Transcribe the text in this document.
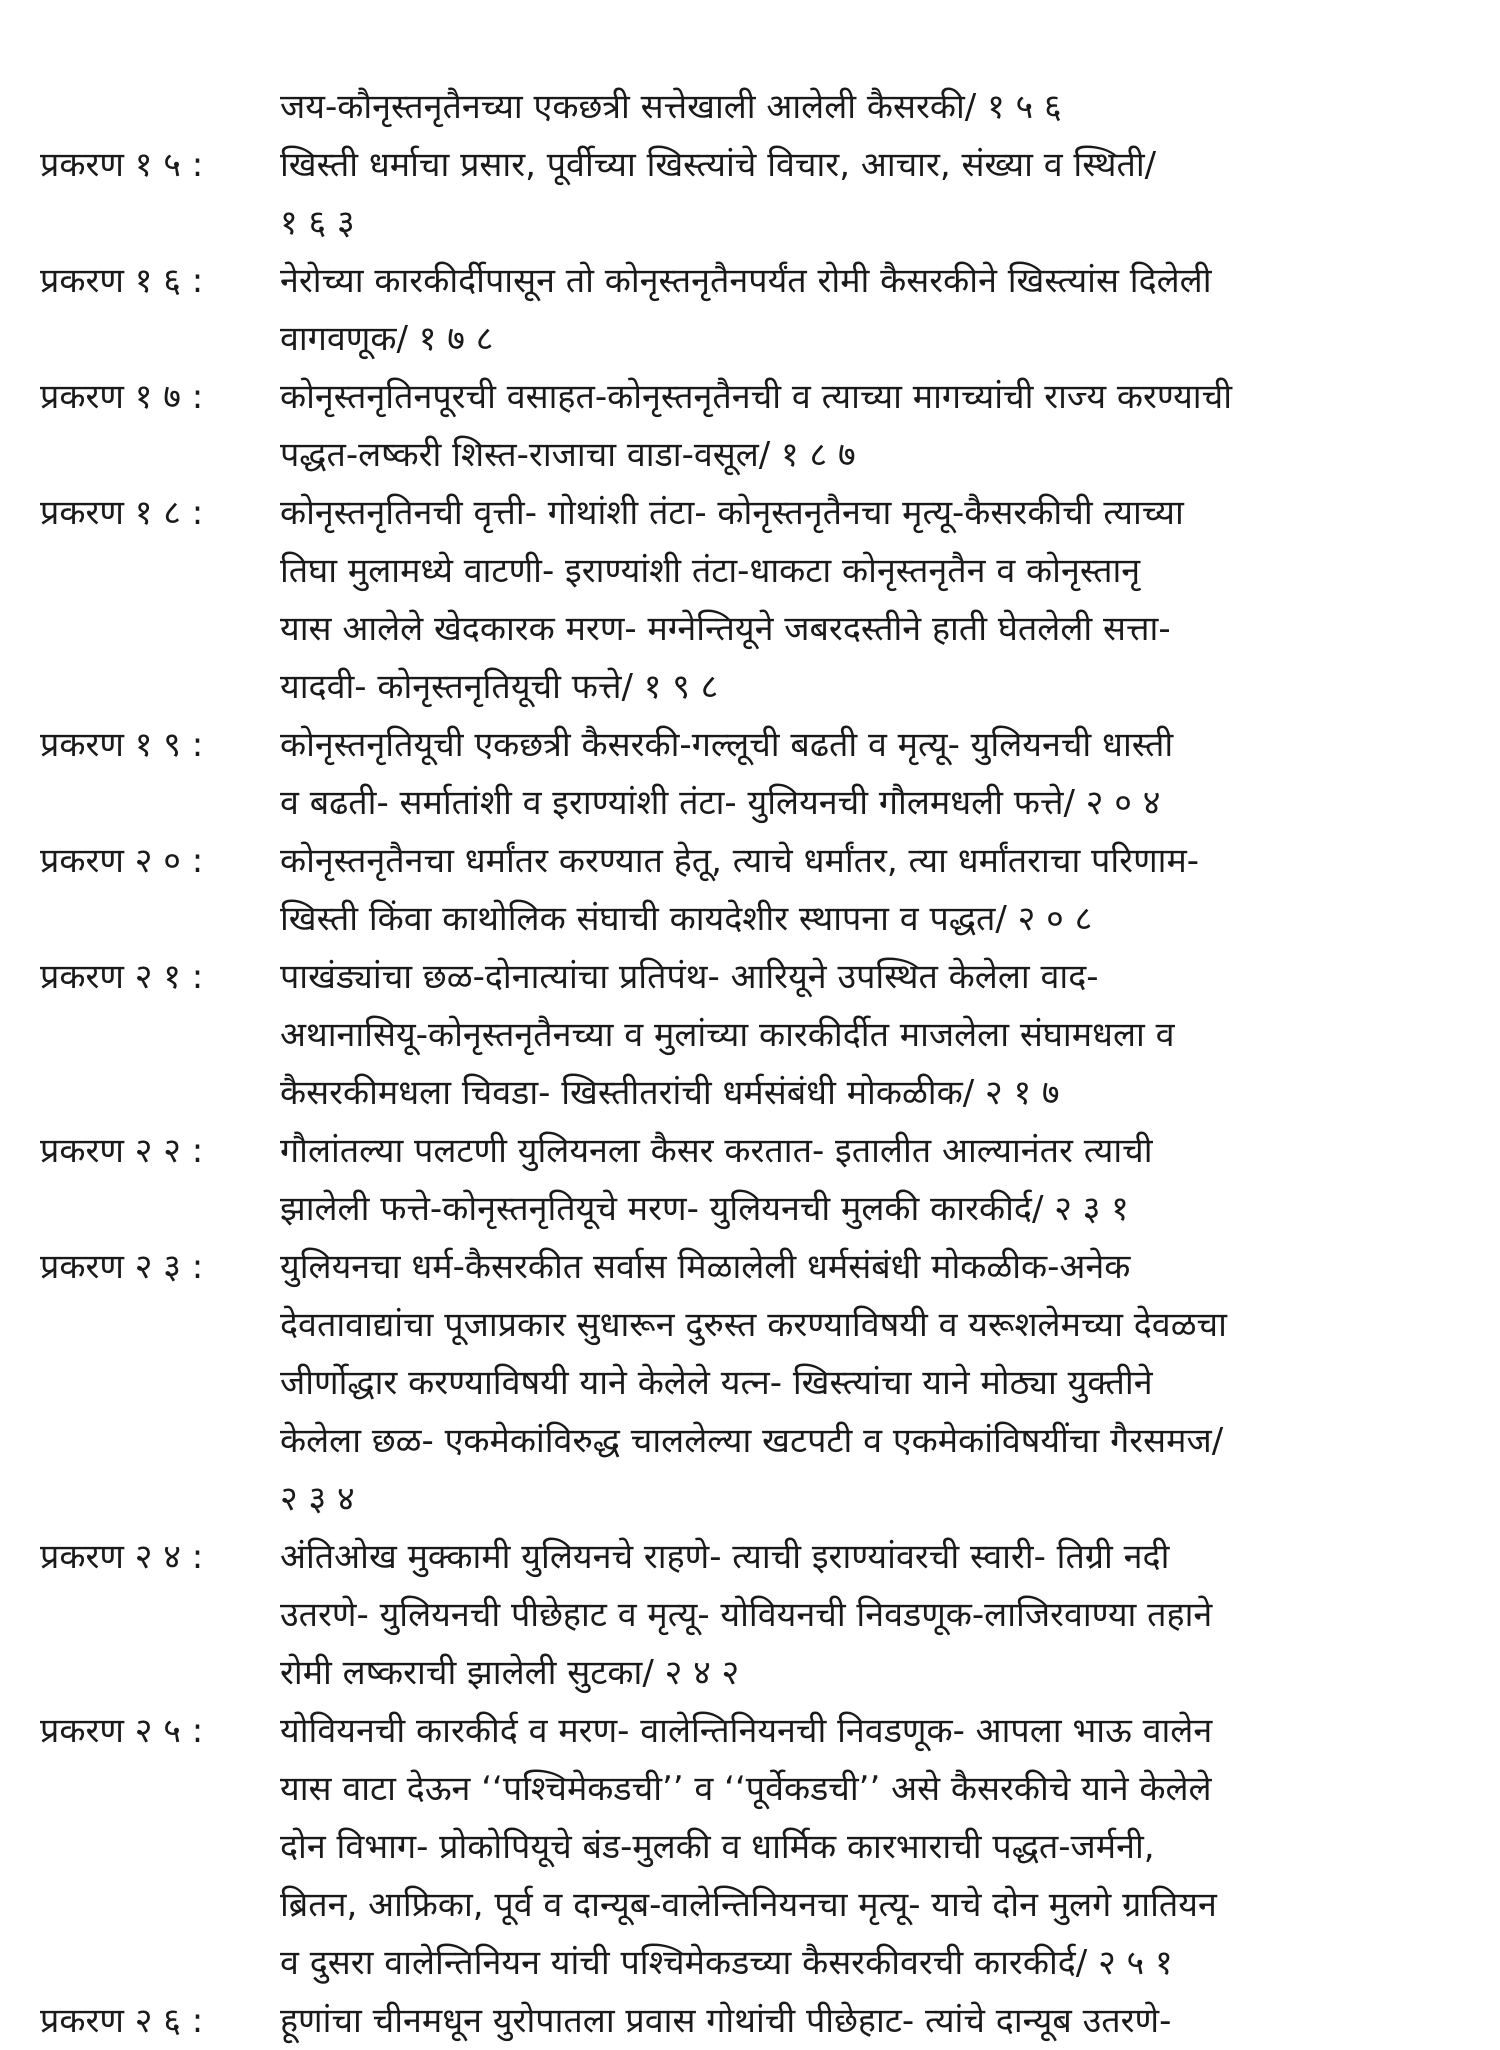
जय-कौनृस्तनृतैनच्या एकछत्री सत्तेखाली आलेली कैसरकी/ १ ५ ६
प्रकरण १ ५ :	खिस्ती धर्माचा प्रसार, पूर्वीच्या खिस्त्यांचे विचार, आचार, संख्या व स्थिती/
१ ६ ३
प्रकरण १ ६ :	नेरोच्या कारकीर्दीपासून तो कोनृस्तनृतैनपर्यंत रोमी कैसरकीने खिस्त्यांस दिलेली
वागवणूक/ १ ७ ८
प्रकरण १ ७ :	कोनृस्तनृतिनपूरची वसाहत-कोनृस्तनृतैनची व त्याच्या मागच्यांची राज्य करण्याची
पद्धत-लष्करी शिस्त-राजाचा वाडा-वसूल/ १ ८ ७
प्रकरण १ ८ :	कोनृस्तनृतिनची वृत्ती- गोथांशी तंटा- कोनृस्तनृतैनचा मृत्यू-कैसरकीची त्याच्या
तिघा मुलामध्ये वाटणी- इराण्यांशी तंटा-धाकटा कोनृस्तनृतैन व कोनृस्तानृ
यास आलेले खेदकारक मरण- मग्नेन्तियूने जबरदस्तीने हाती घेतलेली सत्ता-
यादवी- कोनृस्तनृतियूची फत्ते/ १ ९ ८
प्रकरण १ ९ :	कोनृस्तनृतियूची एकछत्री कैसरकी-गल्लूची बढती व मृत्यू- युलियनची धास्ती
व बढती- सर्मातांशी व इराण्यांशी तंटा- युलियनची गौलमधली फत्ते/ २ ० ४
प्रकरण २ ० :	कोनृस्तनृतैनचा धर्मांतर करण्यात हेतू, त्याचे धर्मांतर, त्या धर्मांतराचा परिणाम-
खिस्ती किंवा काथोलिक संघाची कायदेशीर स्थापना व पद्धत/ २ ० ८
प्रकरण २ १ :	पाखंड्यांचा छळ-दोनात्यांचा प्रतिपंथ- आरियूने उपस्थित केलेला वाद-
अथानासियू-कोनृस्तनृतैनच्या व मुलांच्या कारकीर्दीत माजलेला संघामधला व
कैसरकीमधला चिवडा- खिस्तीतरांची धर्मसंबंधी मोकळीक/ २ १ ७
प्रकरण २ २ :	गौलांतल्या पलटणी युलियनला कैसर करतात- इतालीत आल्यानंतर त्याची
झालेली फत्ते-कोनृस्तनृतियूचे मरण- युलियनची मुलकी कारकीर्द/ २ ३ १
प्रकरण २ ३ :	युलियनचा धर्म-कैसरकीत सर्वास मिळालेली धर्मसंबंधी मोकळीक-अनेक
देवतावाद्यांचा पूजाप्रकार सुधारून दुरुस्त करण्याविषयी व यरूशलेमच्या देवळचा
जीर्णोद्धार करण्याविषयी याने केलेले यत्न- खिस्त्यांचा याने मोठ्या युक्तीने
केलेला छळ- एकमेकांविरुद्ध चाललेल्या खटपटी व एकमेकांविषयींचा गैरसमज/
२ ३ ४
प्रकरण २ ४ :	अंतिओख मुक्कामी युलियनचे राहणे- त्याची इराण्यांवरची स्वारी- तिग्री नदी
उतरणे- युलियनची पीछेहाट व मृत्यू- योवियनची निवडणूक-लाजिरवाण्या तहाने
रोमी लष्कराची झालेली सुटका/ २ ४ २
प्रकरण २ ५ :	योवियनची कारकीर्द व मरण- वालेन्तिनियनची निवडणूक- आपला भाऊ वालेन
यास वाटा देऊन ‘‘पश्चिमेकडची’’ व ‘‘पूर्वेकडची’’ असे कैसरकीचे याने केलेले
दोन विभाग- प्रोकोपियूचे बंड-मुलकी व धार्मिक कारभाराची पद्धत-जर्मनी,
ब्रितन, आफ्रिका, पूर्व व दान्यूब-वालेन्तिनियनचा मृत्यू- याचे दोन मुलगे ग्रातियन
व दुसरा वालेन्तिनियन यांची पश्चिमेकडच्या कैसरकीवरची कारकीर्द/ २ ५ १
प्रकरण २ ६ :	हूणांचा चीनमधून युरोपातला प्रवास गोथांची पीछेहाट- त्यांचे दान्यूब उतरणे-
